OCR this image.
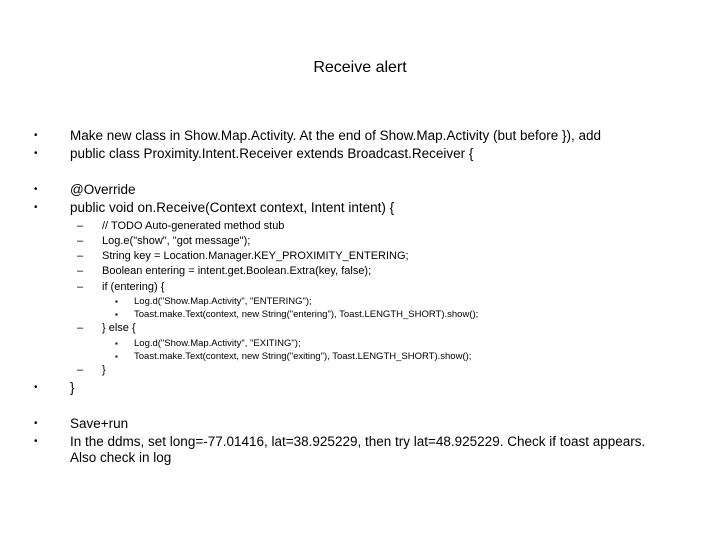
Receive alert
•
•
•
•
–
–
–
–
–
▪
▪
–
▪
▪
–
•
•
•
Make new class in Show.Map.Activity. At the end of Show.Map.Activity (but before }), add
public class Proximity.Intent.Receiver extends Broadcast.Receiver {
@Override
public void on.Receive(Context context, Intent intent) {
// TODO Auto-generated method stub
Log.e("show", "got message");
String key = Location.Manager.KEY_PROXIMITY_ENTERING;
Boolean entering = intent.get.Boolean.Extra(key, false);
if (entering) {
Log.d("Show.Map.Activity", "ENTERING");
Toast.make.Text(context, new String("entering"), Toast.LENGTH_SHORT).show();
} else {
Log.d("Show.Map.Activity", "EXITING");
Toast.make.Text(context, new String("exiting"), Toast.LENGTH_SHORT).show();
}
}
Save+run
In the ddms, set long=-77.01416, lat=38.925229, then try lat=48.925229. Check if toast appears.
Also check in log
